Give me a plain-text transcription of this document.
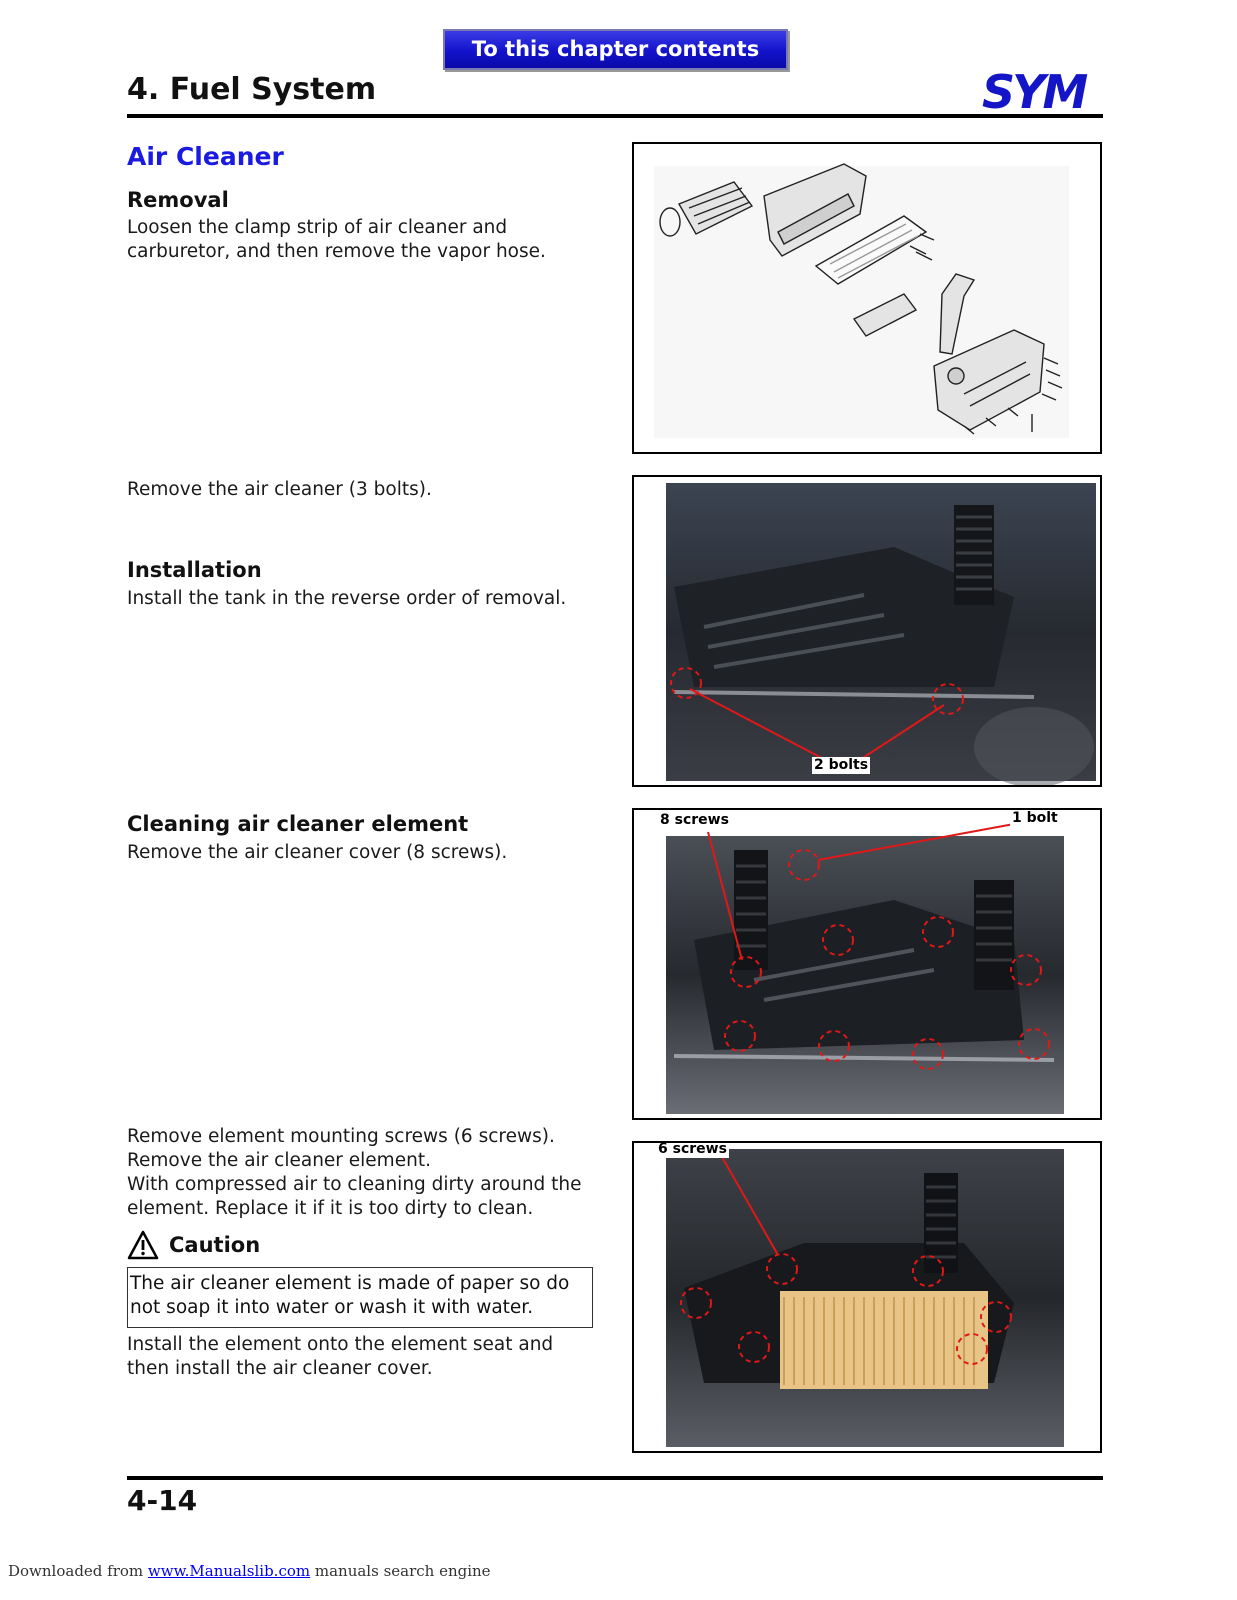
To this chapter contents
4. Fuel System	SYM
Air Cleaner
Removal
Loosen the clamp strip of air cleaner and carburetor, and then remove the vapor hose.
Remove the air cleaner (3 bolts).
Installation
Install the tank in the reverse order of removal.
Cleaning air cleaner element
Remove the air cleaner cover (8 screws).
Remove element mounting screws (6 screws).
Remove the air cleaner element.
With compressed air to cleaning dirty around the element. Replace it if it is too dirty to clean.
Caution
The air cleaner element is made of paper so do not soap it into water or wash it with water.
Install the element onto the element seat and then install the air cleaner cover.
2 bolts
8 screws	1 bolt
6 screws
4-14
Downloaded from www.Manualslib.com manuals search engine
